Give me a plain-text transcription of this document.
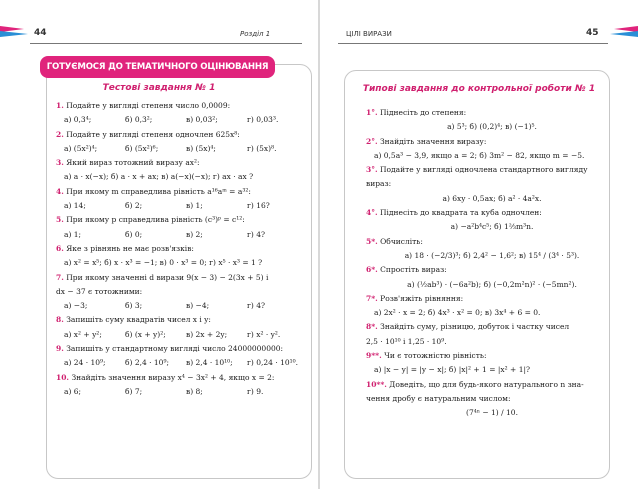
44	Розділ 1
ГОТУЄМОСЯ ДО ТЕМАТИЧНОГО ОЦІНЮВАННЯ
Тестові завдання № 1
1. Подайте у вигляді степеня число 0,0009:
а) 0,3⁴;	б) 0,3²;	в) 0,03²;	г) 0,03³.
2. Подайте у вигляді степеня одночлен 625x⁸:
а) (5x²)⁴;	б) (5x²)⁶;	в) (5x)⁴;	г) (5x)⁸.
3. Який вираз тотожний виразу ax²:
а) a · x(−x); б) a · x + ax; в) a(−x)(−x); г) ax · ax ?
4. При якому m справедлива рівність a¹⁶aᵐ = a³²:
а) 14;	б) 2;	в) 1;	г) 16?
5. При якому p справедлива рівність (c³)ᵖ = c¹²:
а) 1;	б) 0;	в) 2;	г) 4?
6. Яке з рівнянь не має розв'язків:
а) x² = x⁵; б) x · x³ = −1; в) 0 · x³ = 0; г) x⁵ · x³ = 1 ?
7. При якому значенні d вирази 9(x − 3) − 2(3x + 5) і
dx − 37 є тотожними:
а) −3;	б) 3;	в) −4;	г) 4?
8. Запишіть суму квадратів чисел x і y:
а) x² + y²;	б) (x + y)²;	в) 2x + 2y;	г) x² · y².
9. Запишіть у стандартному вигляді число 24000000000:
а) 24 · 10⁹;	б) 2,4 · 10⁹;	в) 2,4 · 10¹⁰;	г) 0,24 · 10¹⁰.
10. Знайдіть значення виразу x⁴ − 3x² + 4, якщо x = 2:
а) 6;	б) 7;	в) 8;	г) 9.
ЦІЛІ ВИРАЗИ	45
Типові завдання до контрольної роботи № 1
1°. Піднесіть до степеня:
а) 5³; б) (0,2)⁴; в) (−1)⁵.
2°. Знайдіть значення виразу:
а) 0,5a³ − 3,9, якщо a = 2; б) 3m² − 82, якщо m = −5.
3°. Подайте у вигляді одночлена стандартного вигляду
вираз:
а) 6xy · 0,5ax; б) a² · 4a²x.
4°. Піднесіть до квадрата та куба одночлен:
а) −a²b⁴c⁵; б) 1⅔m³n.
5*. Обчисліть:
а) 18 · (−2/3)³; б) 2,4² − 1,6²; в) 15⁴ / (3⁴ · 5³).
6*. Спростіть вираз:
а) (½ab³) · (−6a²b); б) (−0,2m²n)² · (−5mn²).
7*. Розв'яжіть рівняння:
а) 2x² · x = 2; б) 4x³ · x² = 0; в) 3x⁴ + 6 = 0.
8*. Знайдіть суму, різницю, добуток і частку чисел
2,5 · 10¹⁰ і 1,25 · 10⁹.
9**. Чи є тотожністю рівність:
а) |x − y| = |y − x|; б) |x|² + 1 = |x² + 1|?
10**. Доведіть, що для будь-якого натурального n зна-
чення дробу є натуральним числом:
(7⁴ⁿ − 1) / 10.
